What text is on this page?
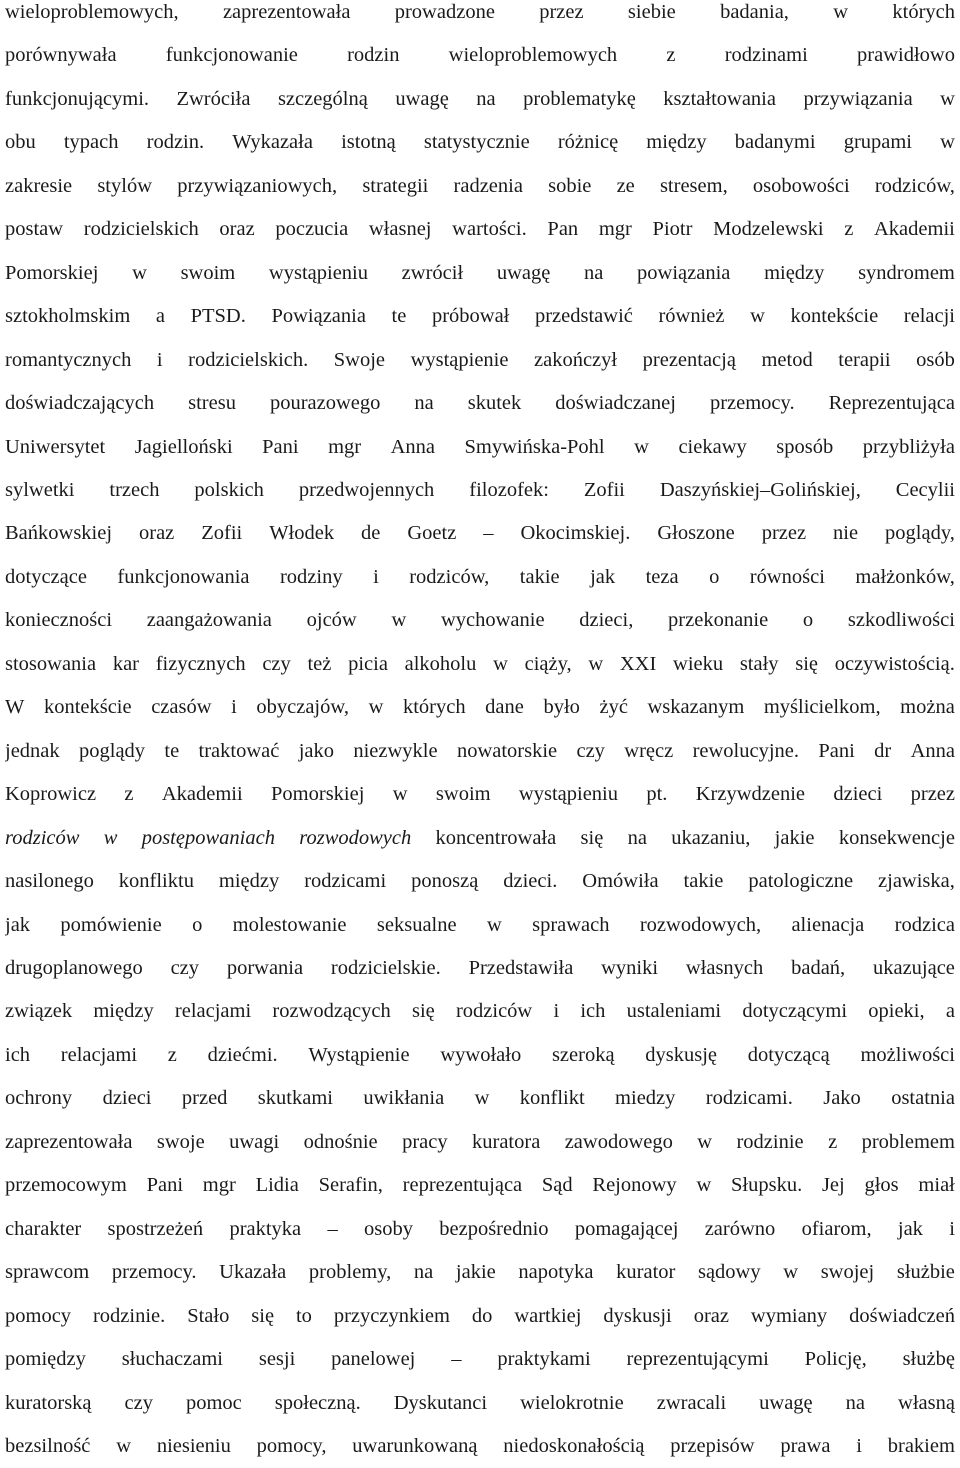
wieloproblemowych, zaprezentowała prowadzone przez siebie badania, w których
porównywała funkcjonowanie rodzin wieloproblemowych z rodzinami prawidłowo
funkcjonującymi. Zwróciła szczególną uwagę na problematykę kształtowania przywiązania w
obu typach rodzin. Wykazała istotną statystycznie różnicę między badanymi grupami w
zakresie stylów przywiązaniowych, strategii radzenia sobie ze stresem, osobowości rodziców,
postaw rodzicielskich oraz poczucia własnej wartości. Pan mgr Piotr Modzelewski z Akademii
Pomorskiej w swoim wystąpieniu zwrócił uwagę na powiązania między syndromem
sztokholmskim a PTSD. Powiązania te próbował przedstawić również w kontekście relacji
romantycznych i rodzicielskich. Swoje wystąpienie zakończył prezentacją metod terapii osób
doświadczających stresu pourazowego na skutek doświadczanej przemocy. Reprezentująca
Uniwersytet Jagielloński Pani mgr Anna Smywińska-Pohl w ciekawy sposób przybliżyła
sylwetki trzech polskich przedwojennych filozofek: Zofii Daszyńskiej–Golińskiej, Cecylii
Bańkowskiej oraz Zofii Włodek de Goetz – Okocimskiej. Głoszone przez nie poglądy,
dotyczące funkcjonowania rodziny i rodziców, takie jak teza o równości małżonków,
konieczności zaangażowania ojców w wychowanie dzieci, przekonanie o szkodliwości
stosowania kar fizycznych czy też picia alkoholu w ciąży, w XXI wieku stały się oczywistością.
W kontekście czasów i obyczajów, w których dane było żyć wskazanym myślicielkom, można
jednak poglądy te traktować jako niezwykle nowatorskie czy wręcz rewolucyjne. Pani dr Anna
Koprowicz z Akademii Pomorskiej w swoim wystąpieniu pt. Krzywdzenie dzieci przez
rodziców w postępowaniach rozwodowych koncentrowała się na ukazaniu, jakie konsekwencje
nasilonego konfliktu między rodzicami ponoszą dzieci. Omówiła takie patologiczne zjawiska,
jak pomówienie o molestowanie seksualne w sprawach rozwodowych, alienacja rodzica
drugoplanowego czy porwania rodzicielskie. Przedstawiła wyniki własnych badań, ukazujące
związek między relacjami rozwodzących się rodziców i ich ustaleniami dotyczącymi opieki, a
ich relacjami z dziećmi. Wystąpienie wywołało szeroką dyskusję dotyczącą możliwości
ochrony dzieci przed skutkami uwikłania w konflikt miedzy rodzicami. Jako ostatnia
zaprezentowała swoje uwagi odnośnie pracy kuratora zawodowego w rodzinie z problemem
przemocowym Pani mgr Lidia Serafin, reprezentująca Sąd Rejonowy w Słupsku. Jej głos miał
charakter spostrzeżeń praktyka – osoby bezpośrednio pomagającej zarówno ofiarom, jak i
sprawcom przemocy. Ukazała problemy, na jakie napotyka kurator sądowy w swojej służbie
pomocy rodzinie. Stało się to przyczynkiem do wartkiej dyskusji oraz wymiany doświadczeń
pomiędzy słuchaczami sesji panelowej – praktykami reprezentującymi Policję, służbę
kuratorską czy pomoc społeczną. Dyskutanci wielokrotnie zwracali uwagę na własną
bezsilność w niesieniu pomocy, uwarunkowaną niedoskonałością przepisów prawa i brakiem
